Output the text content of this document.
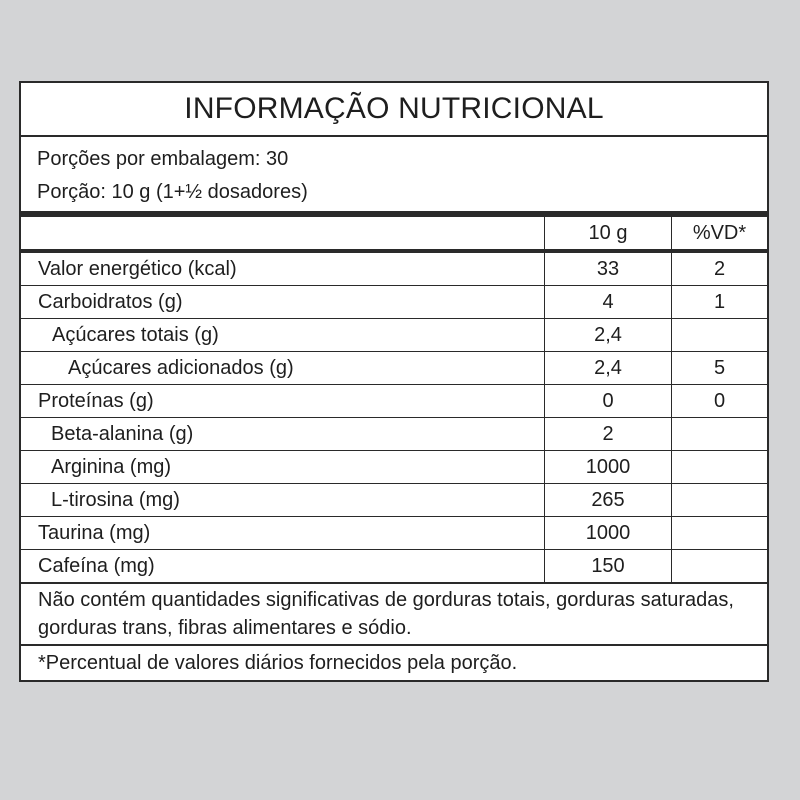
INFORMAÇÃO NUTRICIONAL
Porções por embalagem: 30
Porção: 10 g (1+½ dosadores)
	10 g	%VD*
Valor energético (kcal)	33	2
Carboidratos (g)	4	1
Açúcares totais (g)	2,4	
Açúcares adicionados (g)	2,4	5
Proteínas (g)	0	0
Beta-alanina (g)	2	
Arginina (mg)	1000	
L-tirosina (mg)	265	
Taurina (mg)	1000	
Cafeína (mg)	150	
Não contém quantidades significativas de gorduras totais, gorduras saturadas, gorduras trans, fibras alimentares e sódio.
*Percentual de valores diários fornecidos pela porção.
